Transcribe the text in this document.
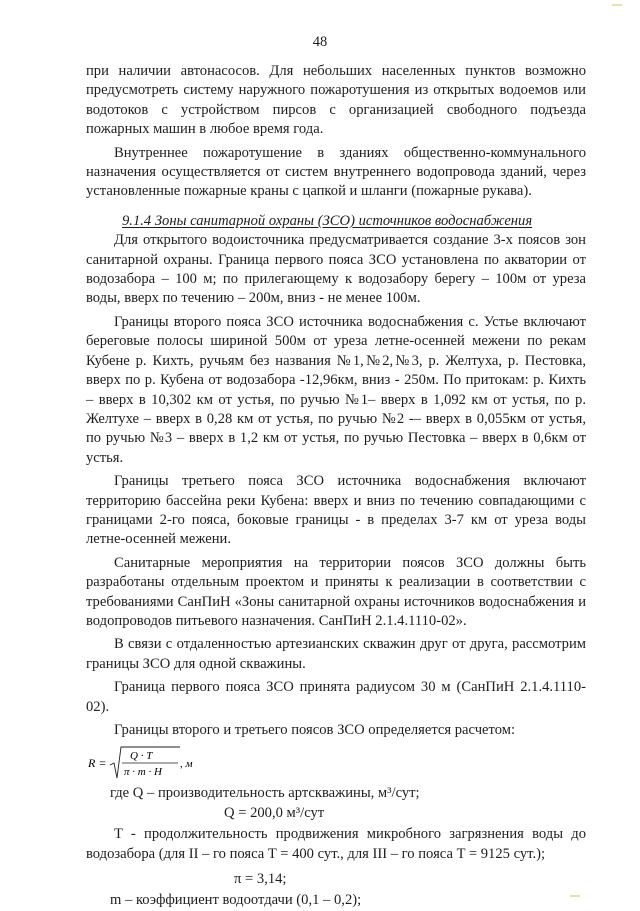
48

при наличии автонасосов. Для небольших населенных пунктов возможно предусмотреть систему наружного пожаротушения из открытых водоемов или водотоков с устройством пирсов с организацией свободного подъезда пожарных машин в любое время года.

Внутреннее пожаротушение в зданиях общественно-коммунального назначения осуществляется от систем внутреннего водопровода зданий, через установленные пожарные краны с цапкой и шланги (пожарные рукава).

9.1.4 Зоны санитарной охраны (ЗСО) источников водоснабжения

Для открытого водоисточника предусматривается создание 3-х поясов зон санитарной охраны. Граница первого пояса ЗСО установлена по акватории от водозабора – 100 м; по прилегающему к водозабору берегу – 100м от уреза воды, вверх по течению – 200м, вниз - не менее 100м.

Границы второго пояса ЗСО источника водоснабжения с. Устье включают береговые полосы шириной 500м от уреза летне-осенней межени по рекам Кубене р. Кихть, ручьям без названия №1,№2,№3, р. Желтуха, р. Пестовка, вверх по р. Кубена от водозабора -12,96км, вниз - 250м. По притокам: р. Кихть – вверх в 10,302 км от устья, по ручью №1– вверх в 1,092 км от устья, по р. Желтухе – вверх в 0,28 км от устья, по ручью №2 -– вверх в 0,055км от устья, по ручью №3 – вверх в 1,2 км от устья, по ручью Пестовка – вверх в 0,6км от устья.

Границы третьего пояса ЗСО источника водоснабжения включают территорию бассейна реки Кубена: вверх и вниз по течению совпадающими с границами 2-го пояса, боковые границы - в пределах 3-7 км от уреза воды летне-осенней межени.

Санитарные мероприятия на территории поясов ЗСО должны быть разработаны отдельным проектом и приняты к реализации в соответствии с требованиями СанПиН «Зоны санитарной охраны источников водоснабжения и водопроводов питьевого назначения. СанПиН 2.1.4.1110-02».

В связи с отдаленностью артезианских скважин друг от друга, рассмотрим границы ЗСО для одной скважины.

Граница первого пояса ЗСО принята радиусом 30 м (СанПиН 2.1.4.1110-02).

Границы второго и третьего поясов ЗСО определяется расчетом:

R = Q · T
π · m · H
, м

где Q – производительность артскважины, м³/сут;

Q = 200,0 м³/сут

T - продолжительность продвижения микробного загрязнения воды до водозабора (для II – го пояса T = 400 сут., для III – го пояса T = 9125 сут.);

π = 3,14;

m – коэффициент водоотдачи (0,1 – 0,2);
